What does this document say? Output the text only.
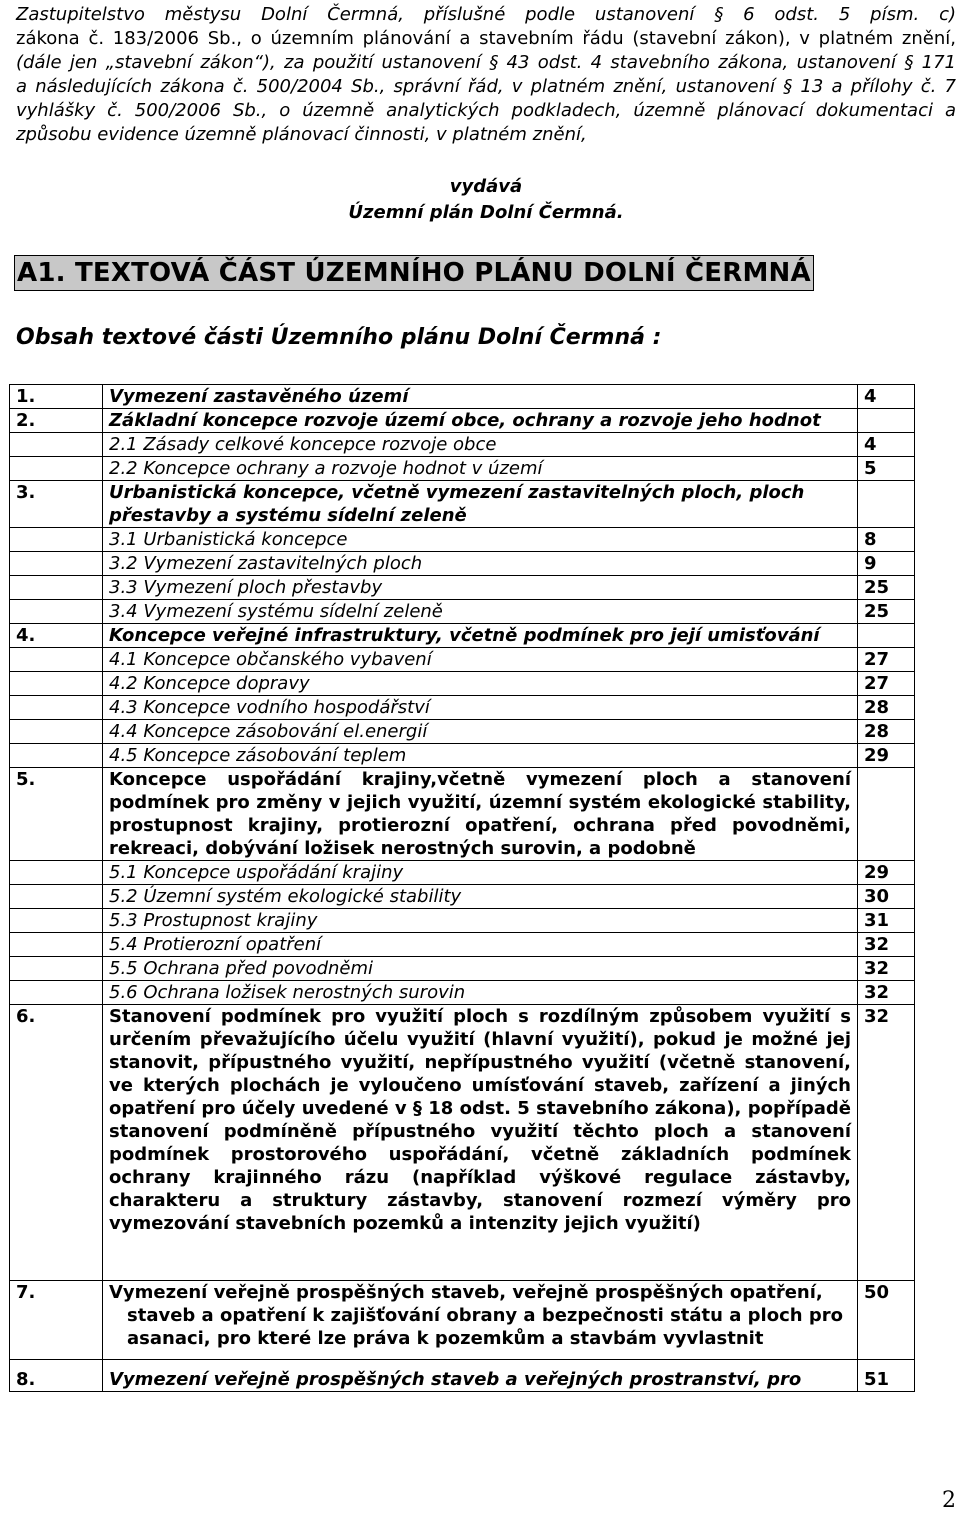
Zastupitelstvo městysu Dolní Čermná, příslušné podle ustanovení § 6 odst. 5 písm. c)
zákona č. 183/2006 Sb., o územním plánování a stavebním řádu (stavební zákon), v platném znění,
(dále jen „stavební zákon“), za použití ustanovení § 43 odst. 4 stavebního zákona, ustanovení § 171
a následujících zákona č. 500/2004 Sb., správní řád, v platném znění, ustanovení § 13 a přílohy č. 7
vyhlášky č. 500/2006 Sb., o územně analytických podkladech, územně plánovací dokumentaci a
způsobu evidence územně plánovací činnosti, v platném znění,
vydává
Územní plán Dolní Čermná.
A1. TEXTOVÁ ČÁST ÚZEMNÍHO PLÁNU DOLNÍ ČERMNÁ
Obsah textové části Územního plánu Dolní Čermná :
1.	Vymezení zastavěného území	4
2.	Základní koncepce rozvoje území obce, ochrany a rozvoje jeho hodnot	
	2.1 Zásady celkové koncepce rozvoje obce	4
	2.2 Koncepce ochrany a rozvoje hodnot v území	5
3.	Urbanistická koncepce, včetně vymezení zastavitelných ploch, ploch přestavby a systému sídelní zeleně	
	3.1 Urbanistická koncepce	8
	3.2 Vymezení zastavitelných ploch	9
	3.3 Vymezení ploch přestavby	25
	3.4 Vymezení systému sídelní zeleně	25
4.	Koncepce veřejné infrastruktury, včetně podmínek pro její umisťování	
	4.1 Koncepce občanského vybavení	27
	4.2 Koncepce dopravy	27
	4.3 Koncepce vodního hospodářství	28
	4.4 Koncepce zásobování el.energií	28
	4.5 Koncepce zásobování teplem	29
5.	Koncepce uspořádání krajiny,včetně vymezení ploch a stanovení podmínek pro změny v jejich využití, územní systém ekologické stability, prostupnost krajiny, protierozní opatření, ochrana před povodněmi, rekreaci, dobývání ložisek nerostných surovin, a podobně	
	5.1 Koncepce uspořádání krajiny	29
	5.2 Územní systém ekologické stability	30
	5.3 Prostupnost krajiny	31
	5.4 Protierozní opatření	32
	5.5 Ochrana před povodněmi	32
	5.6 Ochrana ložisek nerostných surovin	32
6.	Stanovení podmínek pro využití ploch s rozdílným způsobem využití s určením převažujícího účelu využití (hlavní využití), pokud je možné jej stanovit, přípustného využití, nepřípustného využití (včetně stanovení, ve kterých plochách je vyloučeno umísťování staveb, zařízení a jiných opatření pro účely uvedené v § 18 odst. 5 stavebního zákona), popřípadě stanovení podmíněně přípustného využití těchto ploch a stanovení podmínek prostorového uspořádání, včetně základních podmínek ochrany krajinného rázu (například výškové regulace zástavby, charakteru a struktury zástavby, stanovení rozmezí výměry pro vymezování stavebních pozemků a intenzity jejich využití)	32
7.	Vymezení veřejně prospěšných staveb, veřejně prospěšných opatření,
staveb a opatření k zajišťování obrany a bezpečnosti státu a ploch pro asanaci, pro které lze práva k pozemkům a stavbám vyvlastnit	50
8.	Vymezení veřejně prospěšných staveb a veřejných prostranství, pro	51
2
